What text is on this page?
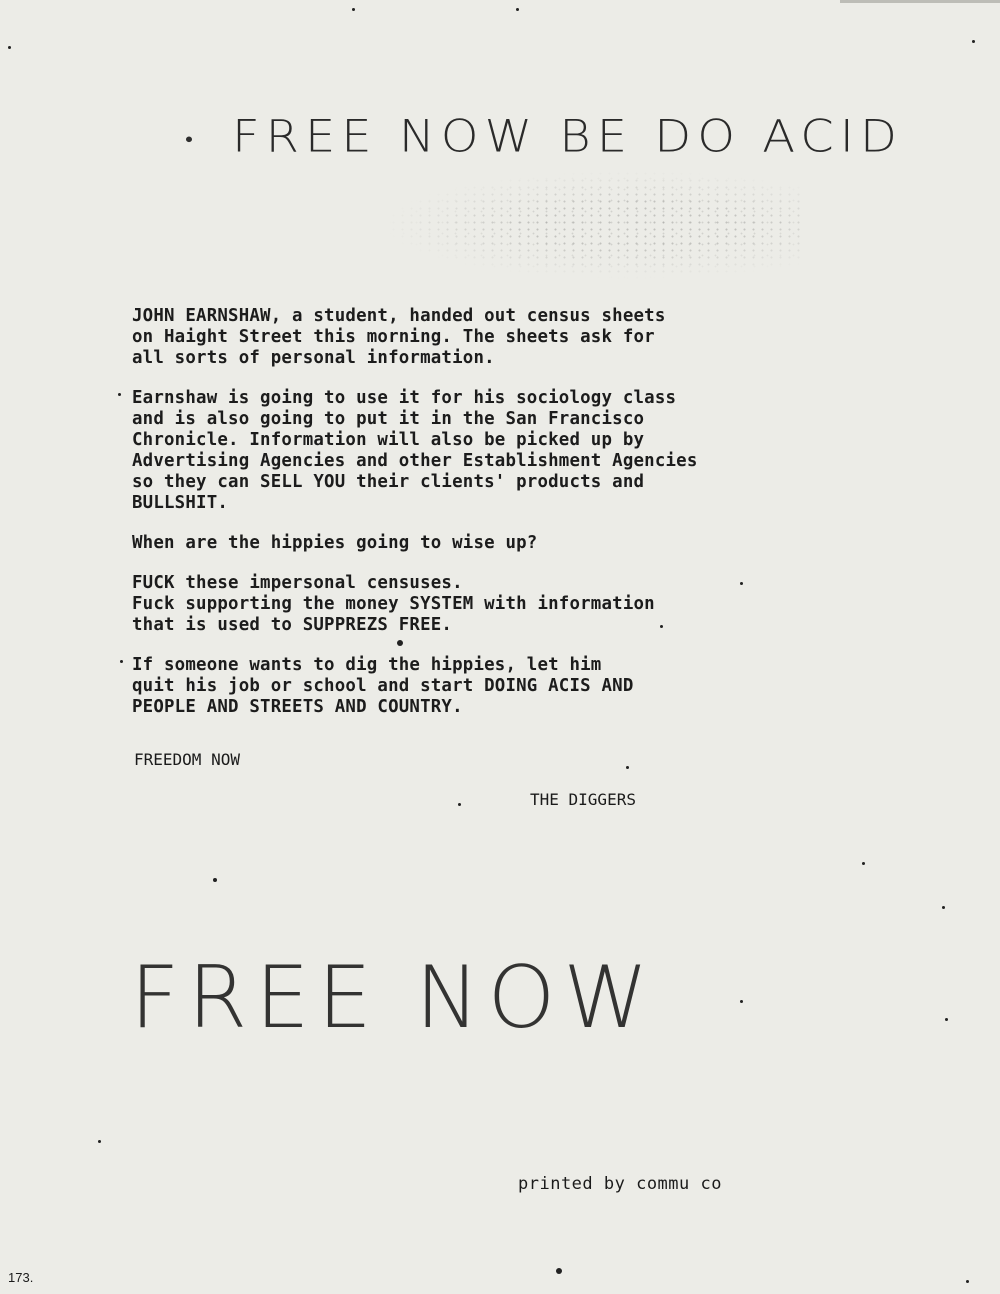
FREE NOW BE DO ACID

JOHN EARNSHAW, a student, handed out census sheets
on Haight Street this morning. The sheets ask for
all sorts of personal information.

Earnshaw is going to use it for his sociology class
and is also going to put it in the San Francisco
Chronicle. Information will also be picked up by
Advertising Agencies and other Establishment Agencies
so they can SELL YOU their clients' products and
BULLSHIT.

When are the hippies going to wise up?

FUCK these impersonal censuses.
Fuck supporting the money SYSTEM with information
that is used to SUPPREZS FREE.

If someone wants to dig the hippies, let him
quit his job or school and start DOING ACIS AND
PEOPLE AND STREETS AND COUNTRY.

FREEDOM NOW
THE DIGGERS
FREE NOW
printed by commu co
173.
